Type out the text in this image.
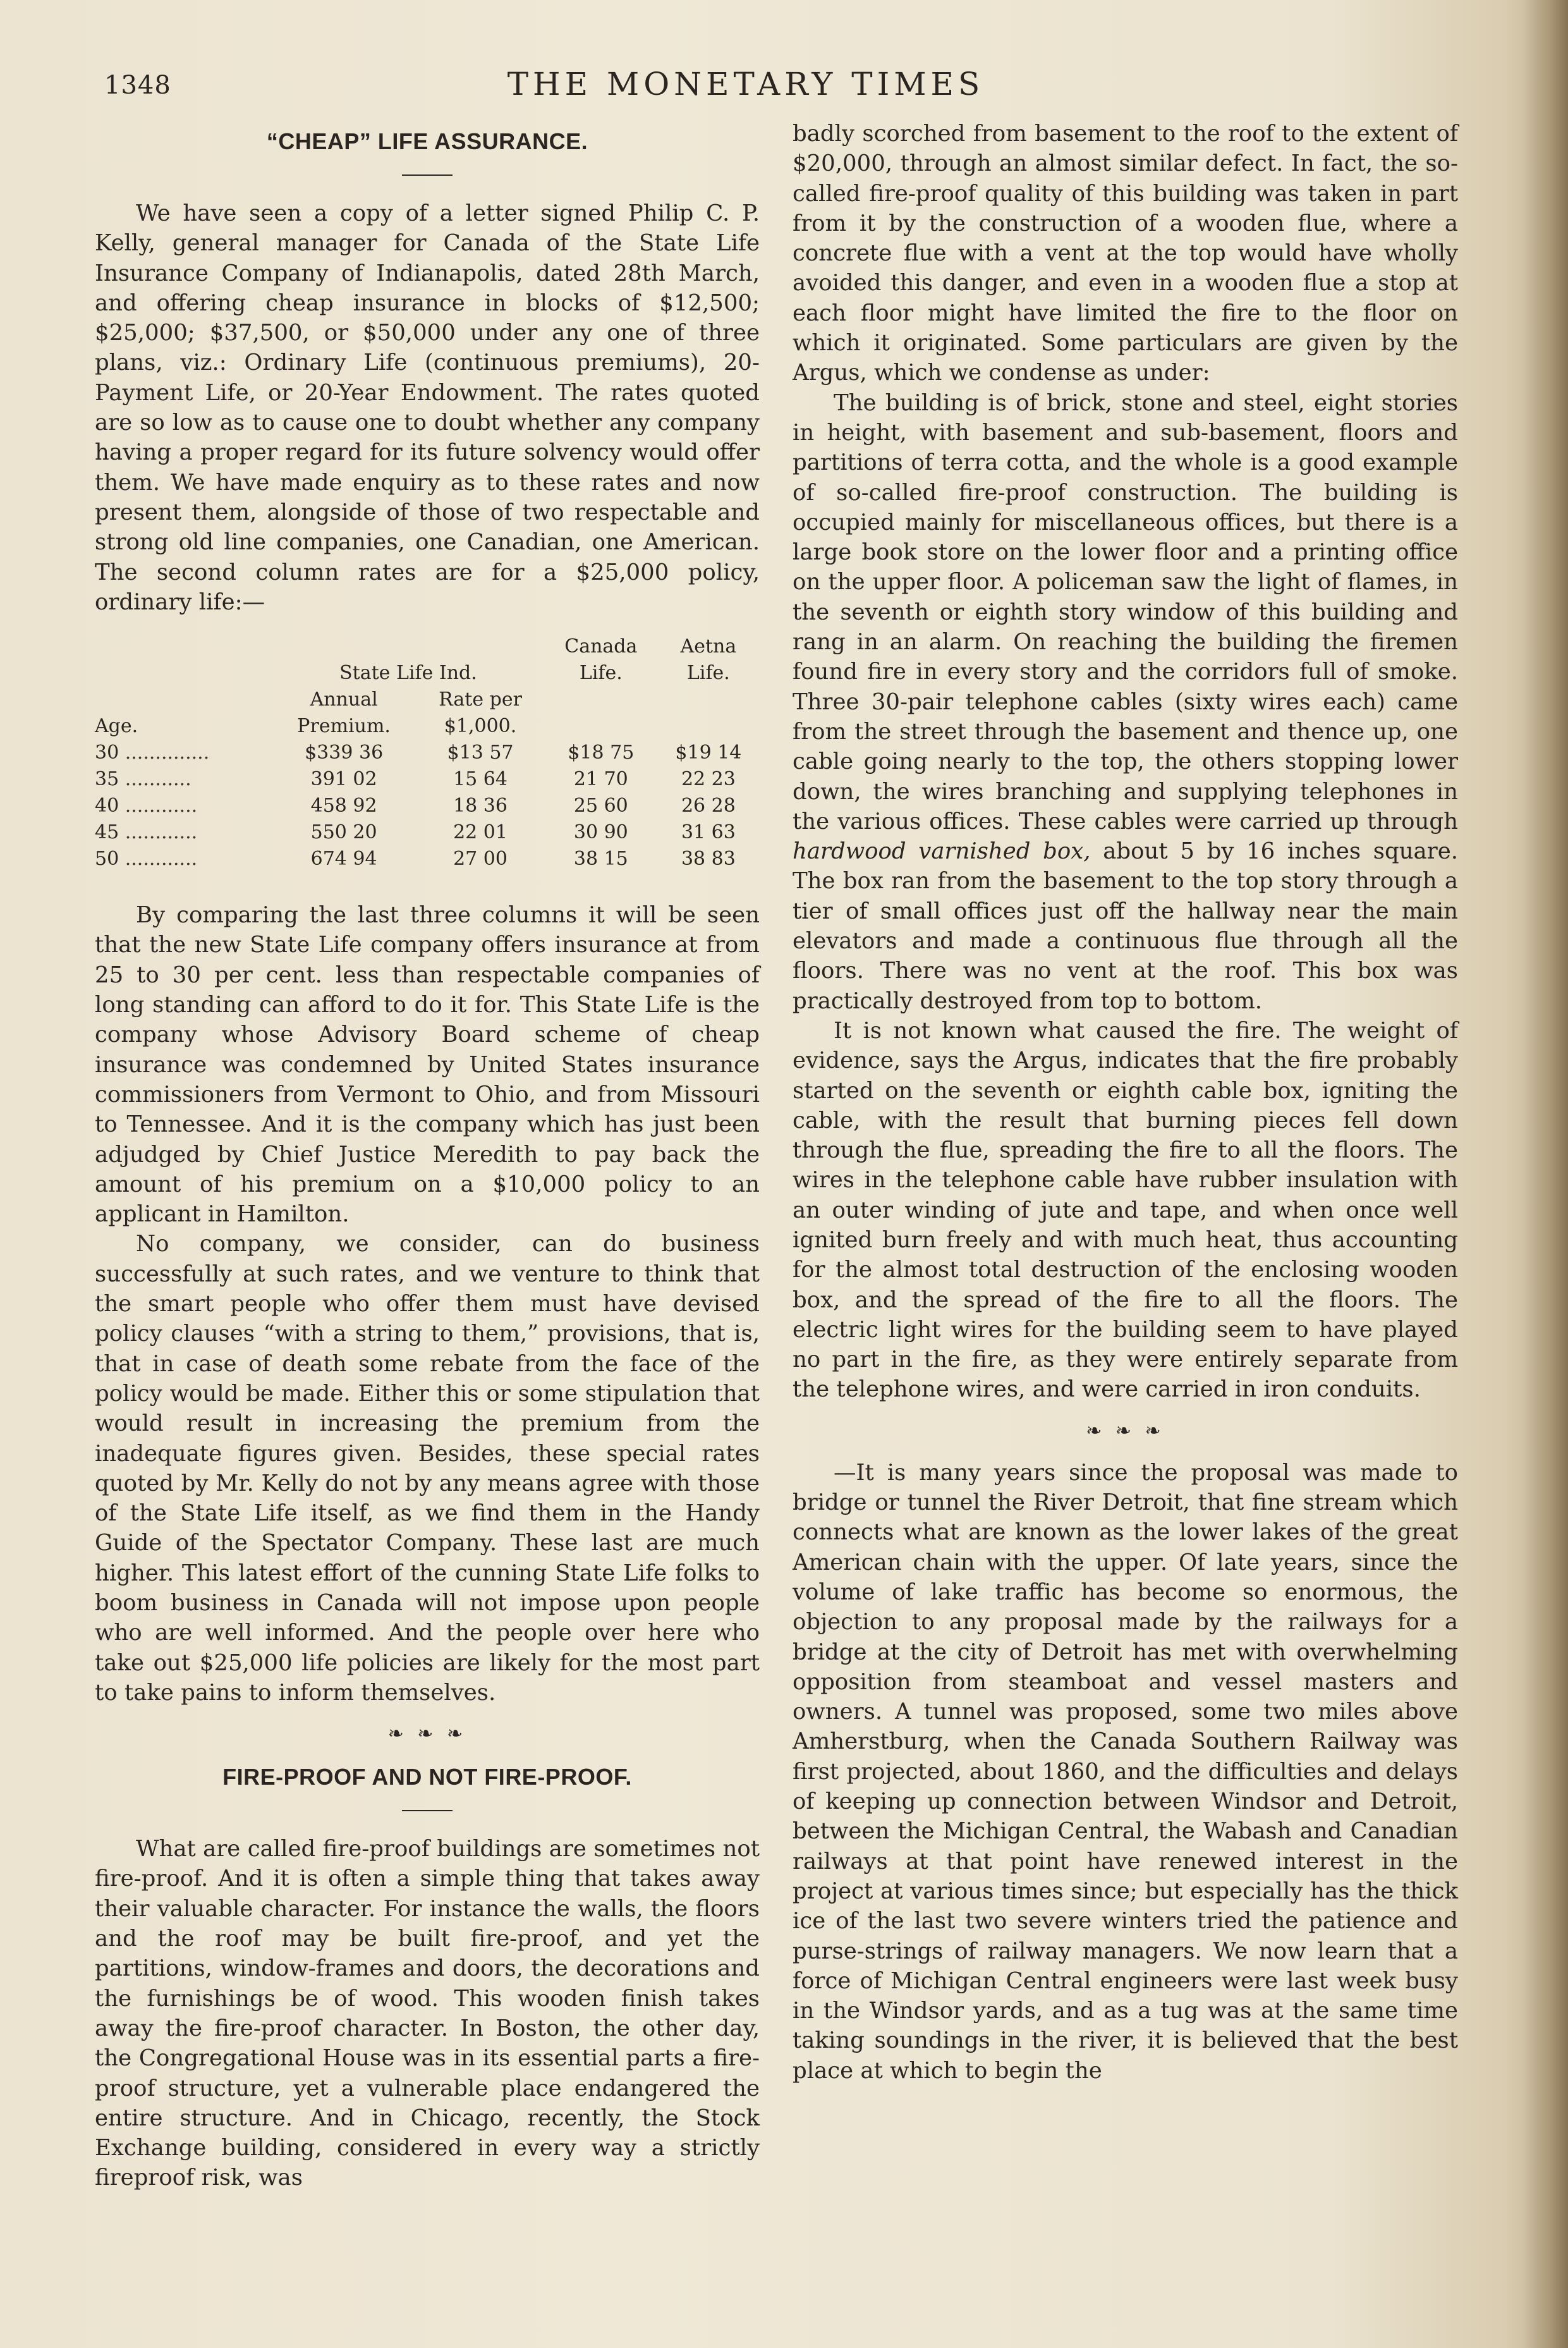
1348	THE MONETARY TIMES
“CHEAP” LIFE ASSURANCE.

We have seen a copy of a letter signed Philip C. P. Kelly, general manager for Canada of the State Life Insurance Company of Indianapolis, dated 28th March, and offering cheap insurance in blocks of $12,500; $25,000; $37,500, or $50,000 under any one of three plans, viz.: Ordinary Life (continuous premiums), 20-Payment Life, or 20-Year Endowment. The rates quoted are so low as to cause one to doubt whether any company having a proper regard for its future solvency would offer them. We have made enquiry as to these rates and now present them, alongside of those of two respectable and strong old line companies, one Canadian, one American. The second column rates are for a $25,000 policy, ordinary life:—

			Canada	Aetna
	State Life Ind.		Life.	Life.
	Annual	Rate per		
Age.	Premium.	$1,000.		
30 ..............	$339 36	$13 57	$18 75	$19 14
35 ...........	391 02	15 64	21 70	22 23
40 ............	458 92	18 36	25 60	26 28
45 ............	550 20	22 01	30 90	31 63
50 ............	674 94	27 00	38 15	38 83

By comparing the last three columns it will be seen that the new State Life company offers insurance at from 25 to 30 per cent. less than respectable companies of long standing can afford to do it for. This State Life is the company whose Advisory Board scheme of cheap insurance was condemned by United States insurance commissioners from Vermont to Ohio, and from Missouri to Tennessee. And it is the company which has just been adjudged by Chief Justice Meredith to pay back the amount of his premium on a $10,000 policy to an applicant in Hamilton.

No company, we consider, can do business successfully at such rates, and we venture to think that the smart people who offer them must have devised policy clauses “with a string to them,” provisions, that is, that in case of death some rebate from the face of the policy would be made. Either this or some stipulation that would result in increasing the premium from the inadequate figures given. Besides, these special rates quoted by Mr. Kelly do not by any means agree with those of the State Life itself, as we find them in the Handy Guide of the Spectator Company. These last are much higher. This latest effort of the cunning State Life folks to boom business in Canada will not impose upon people who are well informed. And the people over here who take out $25,000 life policies are likely for the most part to take pains to inform themselves.

❧ ❧ ❧
FIRE-PROOF AND NOT FIRE-PROOF.

What are called fire-proof buildings are sometimes not fire-proof. And it is often a simple thing that takes away their valuable character. For instance the walls, the floors and the roof may be built fire-proof, and yet the partitions, window-frames and doors, the decorations and the furnishings be of wood. This wooden finish takes away the fire-proof character. In Boston, the other day, the Congregational House was in its essential parts a fire-proof structure, yet a vulnerable place endangered the entire structure. And in Chicago, recently, the Stock Exchange building, considered in every way a strictly fireproof risk, was

badly scorched from basement to the roof to the extent of $20,000, through an almost similar defect. In fact, the so-called fire-proof quality of this building was taken in part from it by the construction of a wooden flue, where a concrete flue with a vent at the top would have wholly avoided this danger, and even in a wooden flue a stop at each floor might have limited the fire to the floor on which it originated. Some particulars are given by the Argus, which we condense as under:

The building is of brick, stone and steel, eight stories in height, with basement and sub-basement, floors and partitions of terra cotta, and the whole is a good example of so-called fire-proof construction. The building is occupied mainly for miscellaneous offices, but there is a large book store on the lower floor and a printing office on the upper floor. A policeman saw the light of flames, in the seventh or eighth story window of this building and rang in an alarm. On reaching the building the firemen found fire in every story and the corridors full of smoke. Three 30-pair telephone cables (sixty wires each) came from the street through the basement and thence up, one cable going nearly to the top, the others stopping lower down, the wires branching and supplying telephones in the various offices. These cables were carried up through hardwood varnished box, about 5 by 16 inches square. The box ran from the basement to the top story through a tier of small offices just off the hallway near the main elevators and made a continuous flue through all the floors. There was no vent at the roof. This box was practically destroyed from top to bottom.

It is not known what caused the fire. The weight of evidence, says the Argus, indicates that the fire probably started on the seventh or eighth cable box, igniting the cable, with the result that burning pieces fell down through the flue, spreading the fire to all the floors. The wires in the telephone cable have rubber insulation with an outer winding of jute and tape, and when once well ignited burn freely and with much heat, thus accounting for the almost total destruction of the enclosing wooden box, and the spread of the fire to all the floors. The electric light wires for the building seem to have played no part in the fire, as they were entirely separate from the telephone wires, and were carried in iron conduits.

❧ ❧ ❧

—It is many years since the proposal was made to bridge or tunnel the River Detroit, that fine stream which connects what are known as the lower lakes of the great American chain with the upper. Of late years, since the volume of lake traffic has become so enormous, the objection to any proposal made by the railways for a bridge at the city of Detroit has met with overwhelming opposition from steamboat and vessel masters and owners. A tunnel was proposed, some two miles above Amherstburg, when the Canada Southern Railway was first projected, about 1860, and the difficulties and delays of keeping up connection between Windsor and Detroit, between the Michigan Central, the Wabash and Canadian railways at that point have renewed interest in the project at various times since; but especially has the thick ice of the last two severe winters tried the patience and purse-strings of railway managers. We now learn that a force of Michigan Central engineers were last week busy in the Windsor yards, and as a tug was at the same time taking soundings in the river, it is believed that the best place at which to begin the
